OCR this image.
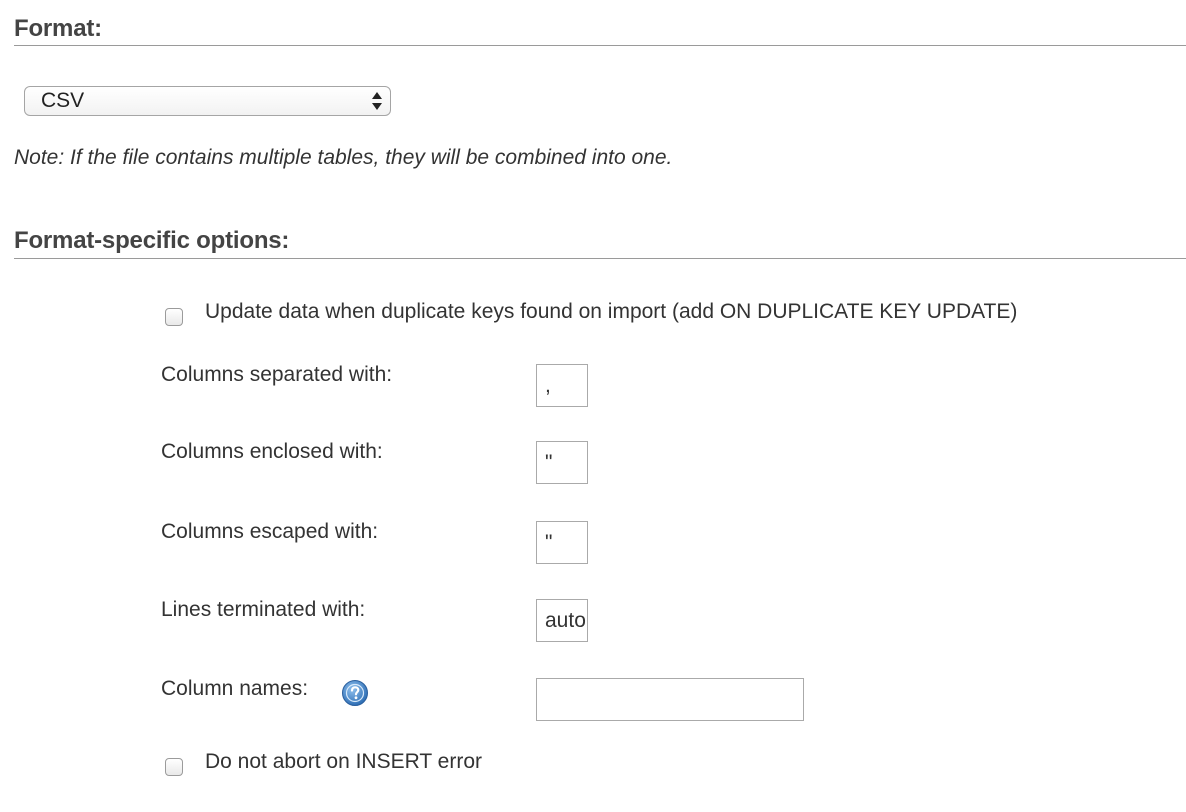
Format:
CSV

Note: If the file contains multiple tables, they will be combined into one.

Format-specific options:
Update data when duplicate keys found on import (add ON DUPLICATE KEY UPDATE)
Columns separated with:
,
Columns enclosed with:
"
Columns escaped with:
"
Lines terminated with:
auto
Column names:
Do not abort on INSERT error
